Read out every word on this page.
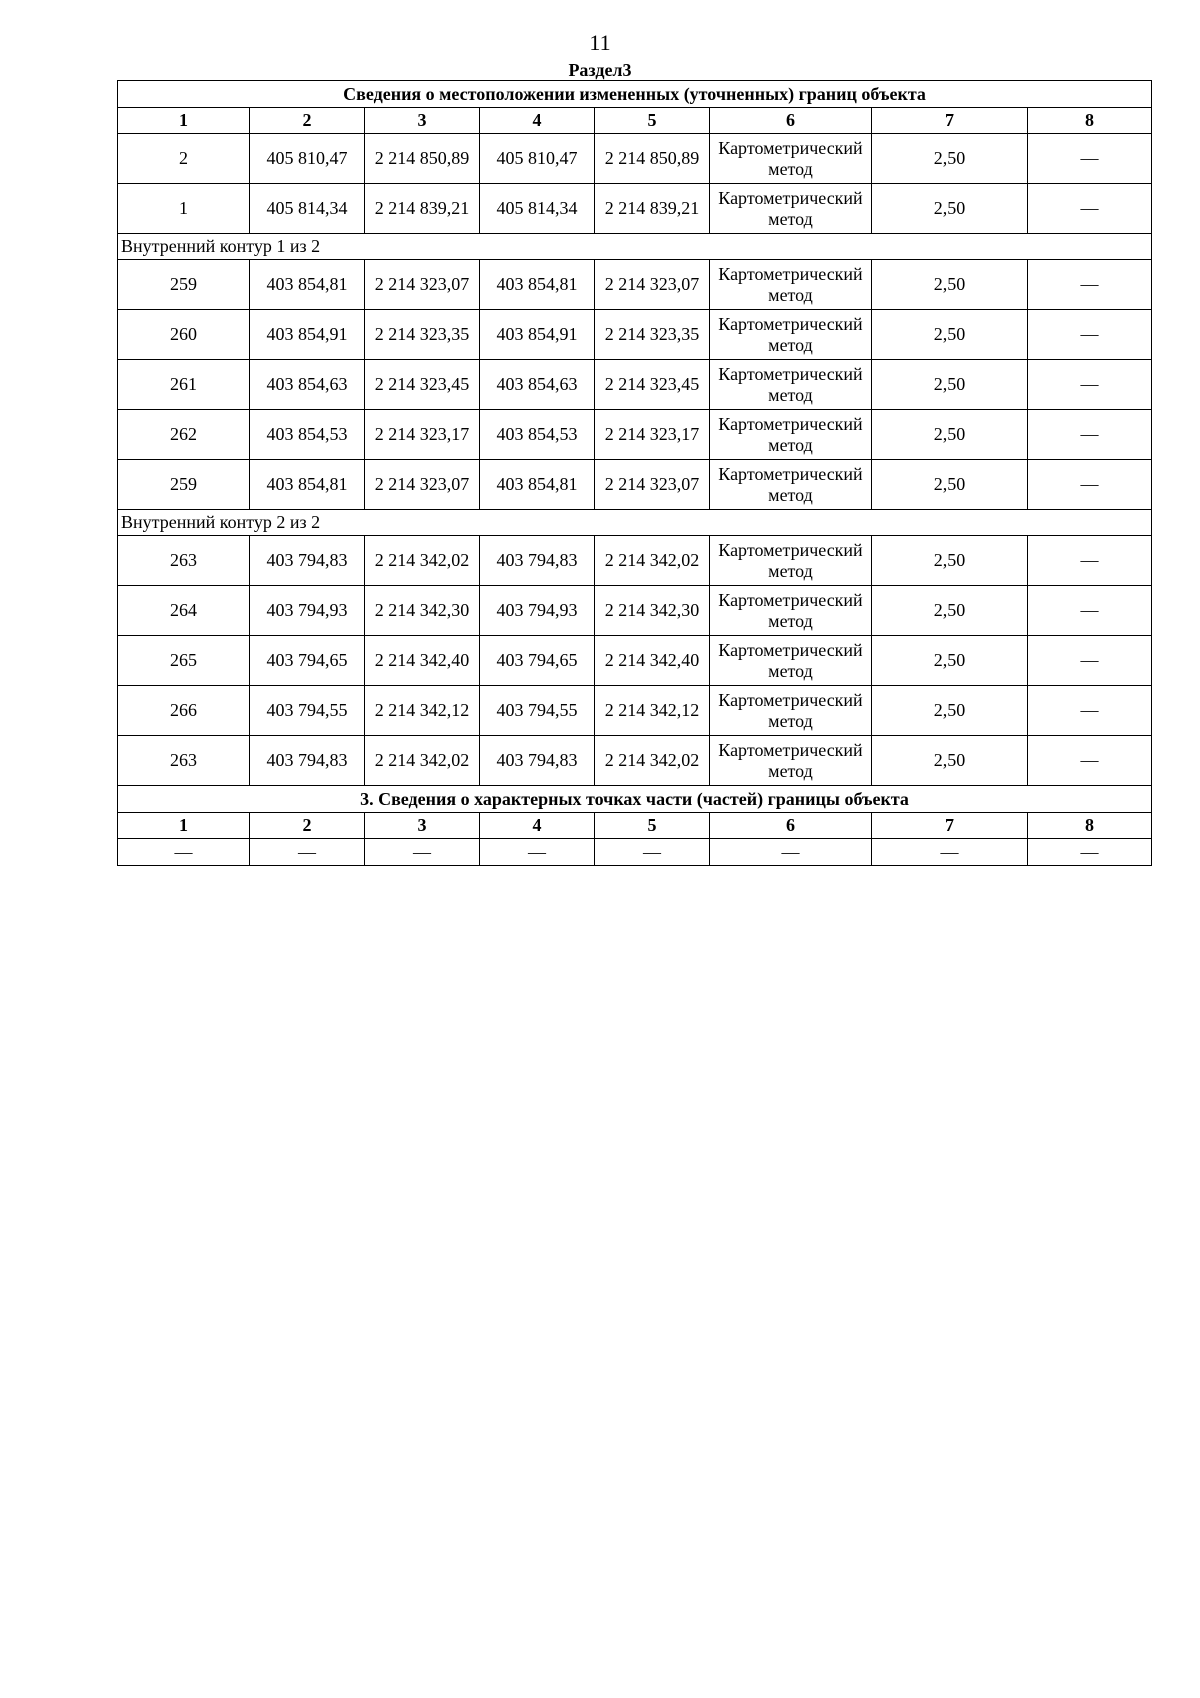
11
Раздел3
Сведения о местоположении измененных (уточненных) границ объекта							
1	2	3	4	5	6	7	8
2	405 810,47	2 214 850,89	405 810,47	2 214 850,89	Картометрический метод	2,50	—
1	405 814,34	2 214 839,21	405 814,34	2 214 839,21	Картометрический метод	2,50	—
Внутренний контур 1 из 2							
259	403 854,81	2 214 323,07	403 854,81	2 214 323,07	Картометрический метод	2,50	—
260	403 854,91	2 214 323,35	403 854,91	2 214 323,35	Картометрический метод	2,50	—
261	403 854,63	2 214 323,45	403 854,63	2 214 323,45	Картометрический метод	2,50	—
262	403 854,53	2 214 323,17	403 854,53	2 214 323,17	Картометрический метод	2,50	—
259	403 854,81	2 214 323,07	403 854,81	2 214 323,07	Картометрический метод	2,50	—
Внутренний контур 2 из 2							
263	403 794,83	2 214 342,02	403 794,83	2 214 342,02	Картометрический метод	2,50	—
264	403 794,93	2 214 342,30	403 794,93	2 214 342,30	Картометрический метод	2,50	—
265	403 794,65	2 214 342,40	403 794,65	2 214 342,40	Картометрический метод	2,50	—
266	403 794,55	2 214 342,12	403 794,55	2 214 342,12	Картометрический метод	2,50	—
263	403 794,83	2 214 342,02	403 794,83	2 214 342,02	Картометрический метод	2,50	—
3. Сведения о характерных точках части (частей) границы объекта							
1	2	3	4	5	6	7	8
—	—	—	—	—	—	—	—
